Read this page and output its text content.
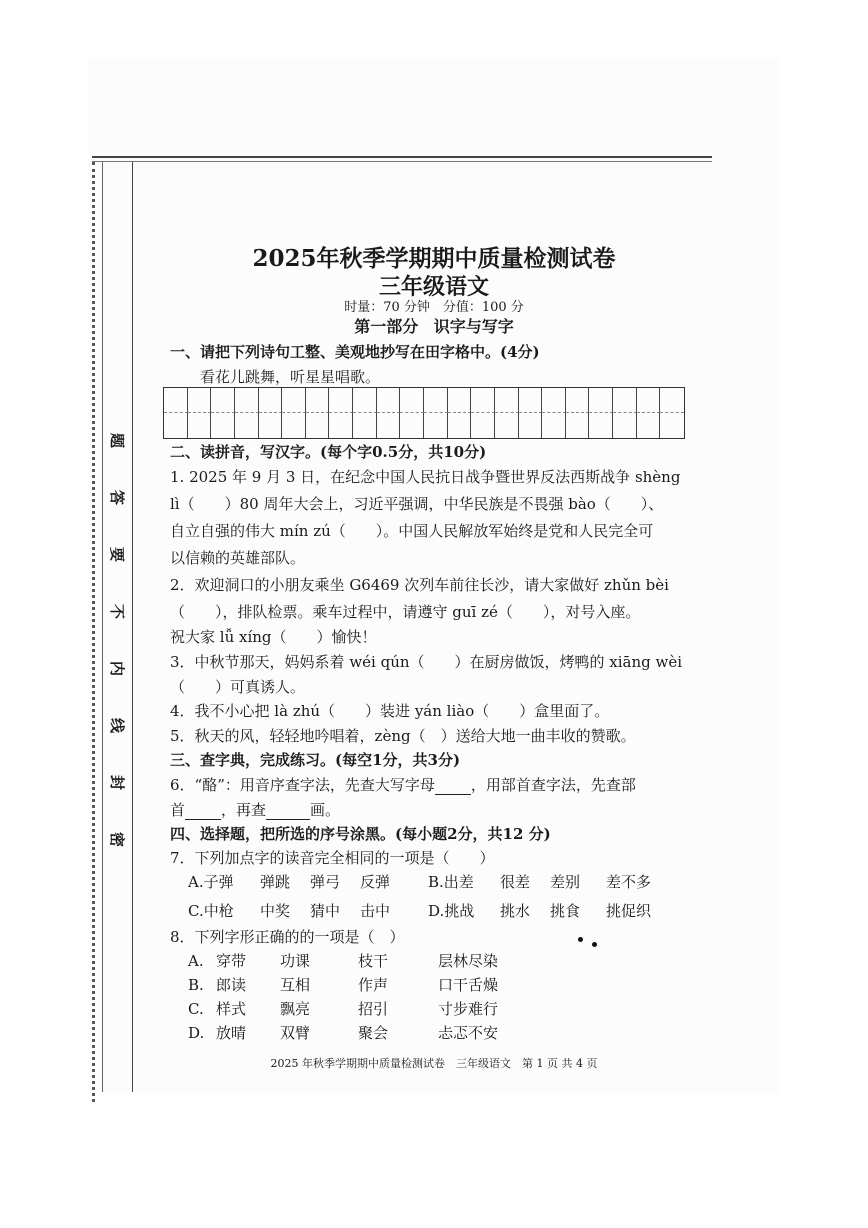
题
答
要
不
内
线
封
密
2025年秋季学期期中质量检测试卷
三年级语文
时量：70 分钟　分值：100 分
第一部分 识字与写字
一、请把下列诗句工整、美观地抄写在田字格中。(4分)
看花儿跳舞，听星星唱歌。
二、读拼音，写汉字。(每个字0.5分，共10分)
1. 2025 年 9 月 3 日，在纪念中国人民抗日战争暨世界反法西斯战争 shèng
lì（　　）80 周年大会上，习近平强调，中华民族是不畏强 bào（　　）、
自立自强的伟大 mín zú（　　）。中国人民解放军始终是党和人民完全可
以信赖的英雄部队。
2．欢迎洞口的小朋友乘坐 G6469 次列车前往长沙，请大家做好 zhǔn bèi
（　　），排队检票。乘车过程中，请遵守 guī zé（　　），对号入座。
祝大家 lǚ xíng（　　）愉快！
3．中秋节那天，妈妈系着 wéi qún（　　）在厨房做饭，烤鸭的 xiāng wèi
（　　）可真诱人。
4．我不小心把 là zhú（　　）装进 yán liào（　　）盒里面了。
5．秋天的风，轻轻地吟唱着，zèng（　）送给大地一曲丰收的赞歌。
三、查字典，完成练习。(每空1分，共3分)
6．“酪”：用音序查字法，先查大写字母 ，用部首查字法，先查部
首 ，再查	画。
四、选择题，把所选的序号涂黑。(每小题2分，共12 分)
7．下列加点字的读音完全相同的一项是（　　）
A.子弹 弹跳 弹弓 反弹	B.出差 很差 差别 差不多
C.中枪 中奖 猜中 击中	D.挑战 挑水 挑食 挑促织
8．下列字形正确的的一项是（　）
A. 穿带 功课	枝干	层林尽染
B. 郎读 互相	作声	口干舌燥
C. 样式 飘亮	招引	寸步难行
D. 放晴 双臂	聚会	忐忑不安
2025 年秋季学期期中质量检测试卷　三年级语文　第 1 页 共 4 页
